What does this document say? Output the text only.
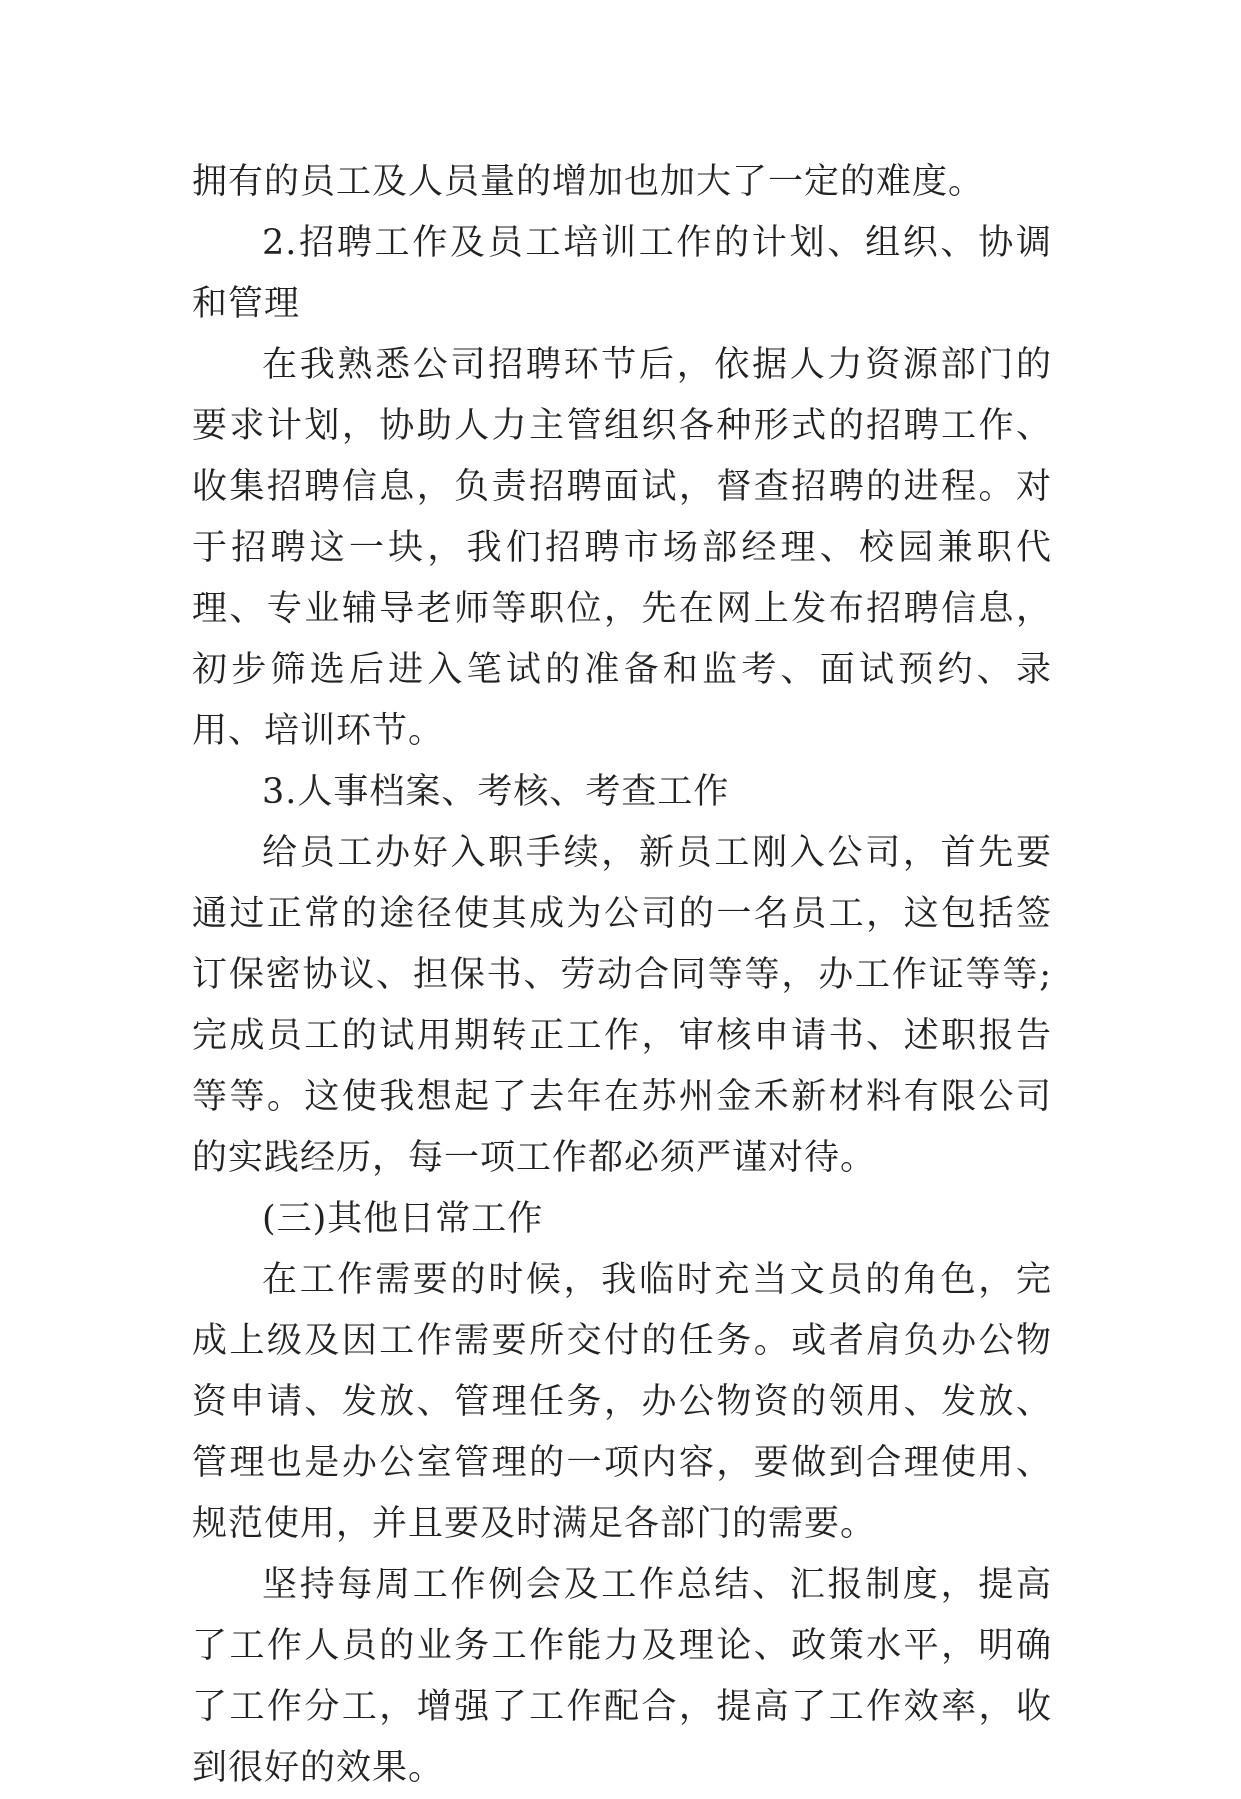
拥有的员工及人员量的增加也加大了一定的难度。

2.招聘工作及员工培训工作的计划、组织、协调和管理

在我熟悉公司招聘环节后，依据人力资源部门的要求计划，协助人力主管组织各种形式的招聘工作、收集招聘信息，负责招聘面试，督查招聘的进程。对于招聘这一块，我们招聘市场部经理、校园兼职代理、专业辅导老师等职位，先在网上发布招聘信息，初步筛选后进入笔试的准备和监考、面试预约、录用、培训环节。

3.人事档案、考核、考查工作

给员工办好入职手续，新员工刚入公司，首先要通过正常的途径使其成为公司的一名员工，这包括签订保密协议、担保书、劳动合同等等，办工作证等等;完成员工的试用期转正工作，审核申请书、述职报告等等。这使我想起了去年在苏州金禾新材料有限公司的实践经历，每一项工作都必须严谨对待。

(三)其他日常工作

在工作需要的时候，我临时充当文员的角色，完成上级及因工作需要所交付的任务。或者肩负办公物资申请、发放、管理任务，办公物资的领用、发放、管理也是办公室管理的一项内容，要做到合理使用、规范使用，并且要及时满足各部门的需要。

坚持每周工作例会及工作总结、汇报制度，提高了工作人员的业务工作能力及理论、政策水平，明确了工作分工，增强了工作配合，提高了工作效率，收到很好的效果。
